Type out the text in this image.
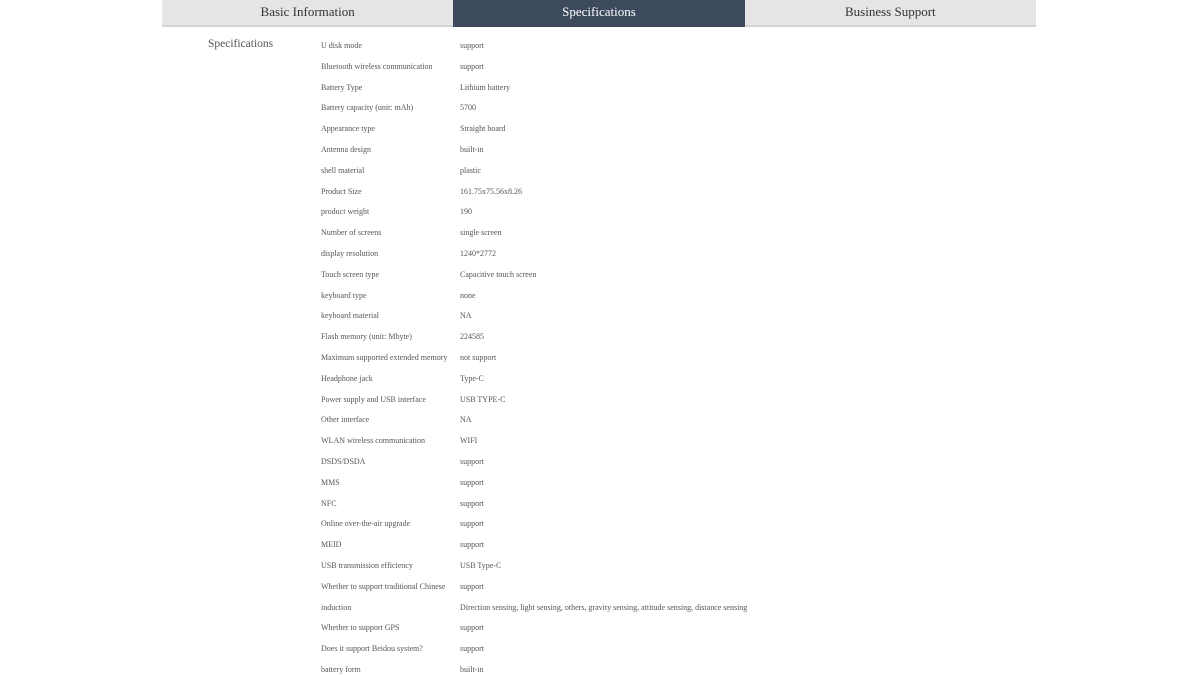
Basic Information	Specifications	Business Support
Specifications	U disk mode	support
Bluetooth wireless communication	support
Battery Type	Lithium battery
Battery capacity (unit: mAh)	5700
Appearance type	Straight board
Antenna design	built-in
shell material	plastic
Product Size	161.75x75.56x8.26
product weight	190
Number of screens	single screen
display resolution	1240*2772
Touch screen type	Capacitive touch screen
keyboard type	none
keyboard material	NA
Flash memory (unit: Mbyte)	224585
Maximum supported extended memory	not support
Headphone jack	Type-C
Power supply and USB interface	USB TYPE-C
Other interface	NA
WLAN wireless communication	WIFI
DSDS/DSDA	support
MMS	support
NFC	support
Online over-the-air upgrade	support
MEID	support
USB transmission efficiency	USB Type-C
Whether to support traditional Chinese	support
induction	Direction sensing, light sensing, others, gravity sensing, attitude sensing, distance sensing
Whether to support GPS	support
Does it support Beidou system?	support
battery form	built-in
